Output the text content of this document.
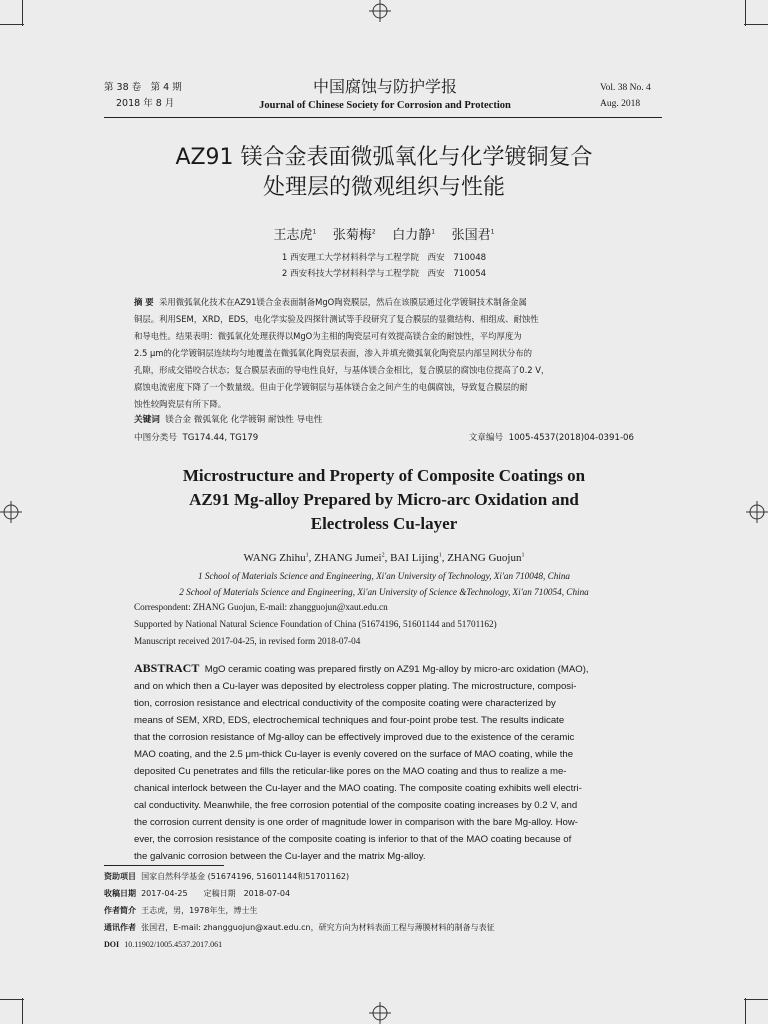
第 38 卷　第 4 期
2018 年 8 月
中国腐蚀与防护学报
Journal of Chinese Society for Corrosion and Protection
Vol. 38 No. 4
Aug. 2018
AZ91 镁合金表面微弧氧化与化学镀铜复合
处理层的微观组织与性能
王志虎$^1$ 张菊梅$^2$ 白力静$^1$ 张国君$^1$
1 西安理工大学材料科学与工程学院　西安　710048
2 西安科技大学材料科学与工程学院　西安　710054
摘 要 采用微弧氧化技术在AZ91镁合金表面制备MgO陶瓷膜层，然后在该膜层通过化学镀铜技术制备金属
铜层。利用SEM，XRD，EDS，电化学实验及四探针测试等手段研究了复合膜层的显微结构、相组成、耐蚀性
和导电性。结果表明：微弧氧化处理获得以MgO为主相的陶瓷层可有效提高镁合金的耐蚀性，平均厚度为
2.5 μm的化学镀铜层连续均匀地覆盖在微弧氧化陶瓷层表面，渗入并填充微弧氧化陶瓷层内部呈网状分布的
孔隙，形成交错咬合状态；复合膜层表面的导电性良好，与基体镁合金相比，复合膜层的腐蚀电位提高了0.2 V，
腐蚀电流密度下降了一个数量级。但由于化学镀铜层与基体镁合金之间产生的电偶腐蚀，导致复合膜层的耐
蚀性较陶瓷层有所下降。
关键词 镁合金 微弧氧化 化学镀铜 耐蚀性 导电性
中图分类号 TG174.44, TG179	文章编号 1005-4537(2018)04-0391-06
Microstructure and Property of Composite Coatings on
AZ91 Mg-alloy Prepared by Micro-arc Oxidation and
Electroless Cu-layer
WANG Zhihu$^1$, ZHANG Jumei$^2$, BAI Lijing$^1$, ZHANG Guojun$^1$
1 School of Materials Science and Engineering, Xi'an University of Technology, Xi'an 710048, China
2 School of Materials Science and Engineering, Xi'an University of Science &Technology, Xi'an 710054, China
Correspondent: ZHANG Guojun, E-mail: zhangguojun@xaut.edu.cn
Supported by National Natural Science Foundation of China (51674196, 51601144 and 51701162)
Manuscript received 2017-04-25, in revised form 2018-07-04
ABSTRACT MgO ceramic coating was prepared firstly on AZ91 Mg-alloy by micro-arc oxidation (MAO),
and on which then a Cu-layer was deposited by electroless copper plating. The microstructure, composi-
tion, corrosion resistance and electrical conductivity of the composite coating were characterized by
means of SEM, XRD, EDS, electrochemical techniques and four-point probe test. The results indicate
that the corrosion resistance of Mg-alloy can be effectively improved due to the existence of the ceramic
MAO coating, and the 2.5 μm-thick Cu-layer is evenly covered on the surface of MAO coating, while the
deposited Cu penetrates and fills the reticular-like pores on the MAO coating and thus to realize a me-
chanical interlock between the Cu-layer and the MAO coating. The composite coating exhibits well electri-
cal conductivity. Meanwhile, the free corrosion potential of the composite coating increases by 0.2 V, and
the corrosion current density is one order of magnitude lower in comparison with the bare Mg-alloy. How-
ever, the corrosion resistance of the composite coating is inferior to that of the MAO coating because of
the galvanic corrosion between the Cu-layer and the matrix Mg-alloy.
资助项目 国家自然科学基金 (51674196, 51601144和51701162)
收稿日期 2017-04-25　　定稿日期　2018-07-04
作者简介 王志虎，男，1978年生，博士生
通讯作者 张国君，E-mail: zhangguojun@xaut.edu.cn，研究方向为材料表面工程与薄膜材料的制备与表征
DOI 10.11902/1005.4537.2017.061
